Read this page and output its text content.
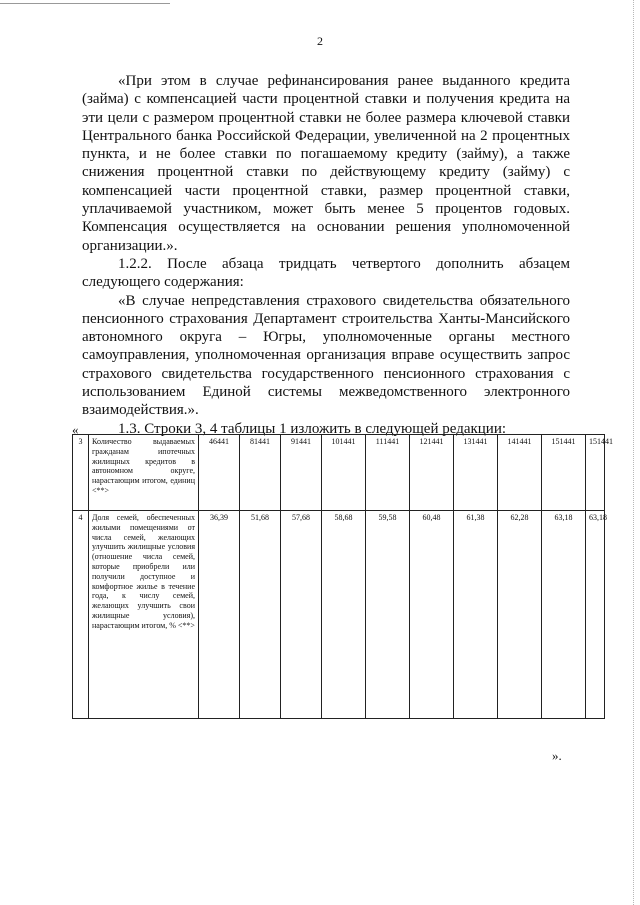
2

«При этом в случае рефинансирования ранее выданного кредита (займа) с компенсацией части процентной ставки и получения кредита на эти цели с размером процентной ставки не более размера ключевой ставки Центрального банка Российской Федерации, увеличенной на 2 процентных пункта, и не более ставки по погашаемому кредиту (займу), а также снижения процентной ставки по действующему кредиту (займу) с компенсацией части процентной ставки, размер процентной ставки, уплачиваемой участником, может быть менее 5 процентов годовых. Компенсация осуществляется на основании решения уполномоченной организации.».

1.2.2. После абзаца тридцать четвертого дополнить абзацем следующего содержания:

«В случае непредставления страхового свидетельства обязательного пенсионного страхования Департамент строительства Ханты-Мансийского автономного округа – Югры, уполномоченные органы местного самоуправления, уполномоченная организация вправе осуществить запрос страхового свидетельства государственного пенсионного страхования с использованием Единой системы межведомственного электронного взаимодействия.».

1.3. Строки 3, 4 таблицы 1 изложить в следующей редакции:

«
3	Количество выдаваемых гражданам ипотечных жилищных кредитов в автономном округе, нарастающим итогом, единиц <**>	46441	81441	91441	101441	111441	121441	131441	141441	151441	151441
4	Доля семей, обеспеченных жилыми помещениями от числа семей, желающих улучшить жилищные условия (отношение числа семей, которые приобрели или получили доступное и комфортное жилье в течение года, к числу семей, желающих улучшить свои жилищные условия), нарастающим итогом, % <**>	36,39	51,68	57,68	58,68	59,58	60,48	61,38	62,28	63,18	63,18
».
